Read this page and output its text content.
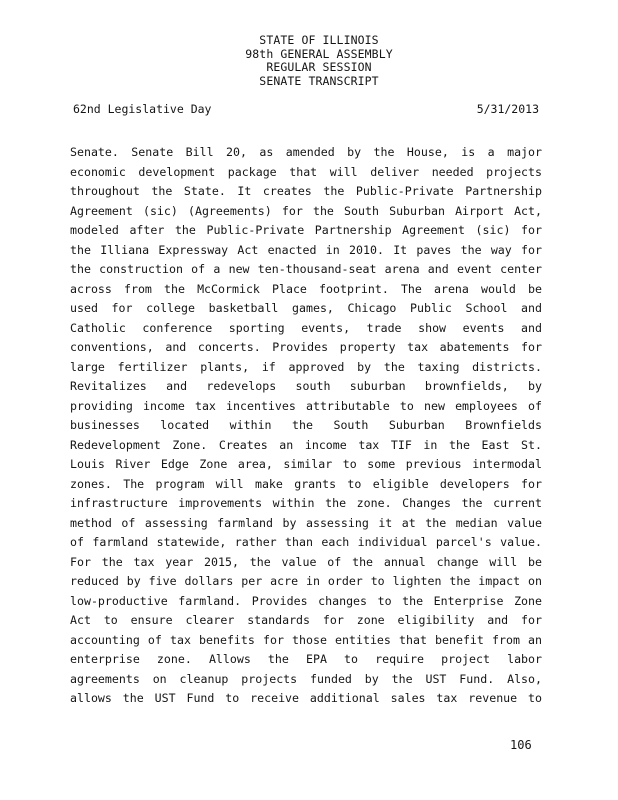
STATE OF ILLINOIS
98th GENERAL ASSEMBLY
REGULAR SESSION
SENATE TRANSCRIPT
62nd Legislative Day	5/31/2013
Senate. Senate Bill 20, as amended by the House, is a major
economic development package that will deliver needed projects
throughout the State. It creates the Public-Private Partnership
Agreement (sic) (Agreements) for the South Suburban Airport Act,
modeled after the Public-Private Partnership Agreement (sic) for
the Illiana Expressway Act enacted in 2010. It paves the way for
the construction of a new ten-thousand-seat arena and event center
across from the McCormick Place footprint. The arena would be
used for college basketball games, Chicago Public School and
Catholic conference sporting events, trade show events and
conventions, and concerts. Provides property tax abatements for
large fertilizer plants, if approved by the taxing districts.
Revitalizes and redevelops south suburban brownfields, by
providing income tax incentives attributable to new employees of
businesses located within the South Suburban Brownfields
Redevelopment Zone. Creates an income tax TIF in the East St.
Louis River Edge Zone area, similar to some previous intermodal
zones. The program will make grants to eligible developers for
infrastructure improvements within the zone. Changes the current
method of assessing farmland by assessing it at the median value
of farmland statewide, rather than each individual parcel's value.
For the tax year 2015, the value of the annual change will be
reduced by five dollars per acre in order to lighten the impact on
low-productive farmland. Provides changes to the Enterprise Zone
Act to ensure clearer standards for zone eligibility and for
accounting of tax benefits for those entities that benefit from an
enterprise zone. Allows the EPA to require project labor
agreements on cleanup projects funded by the UST Fund. Also,
allows the UST Fund to receive additional sales tax revenue to
106
